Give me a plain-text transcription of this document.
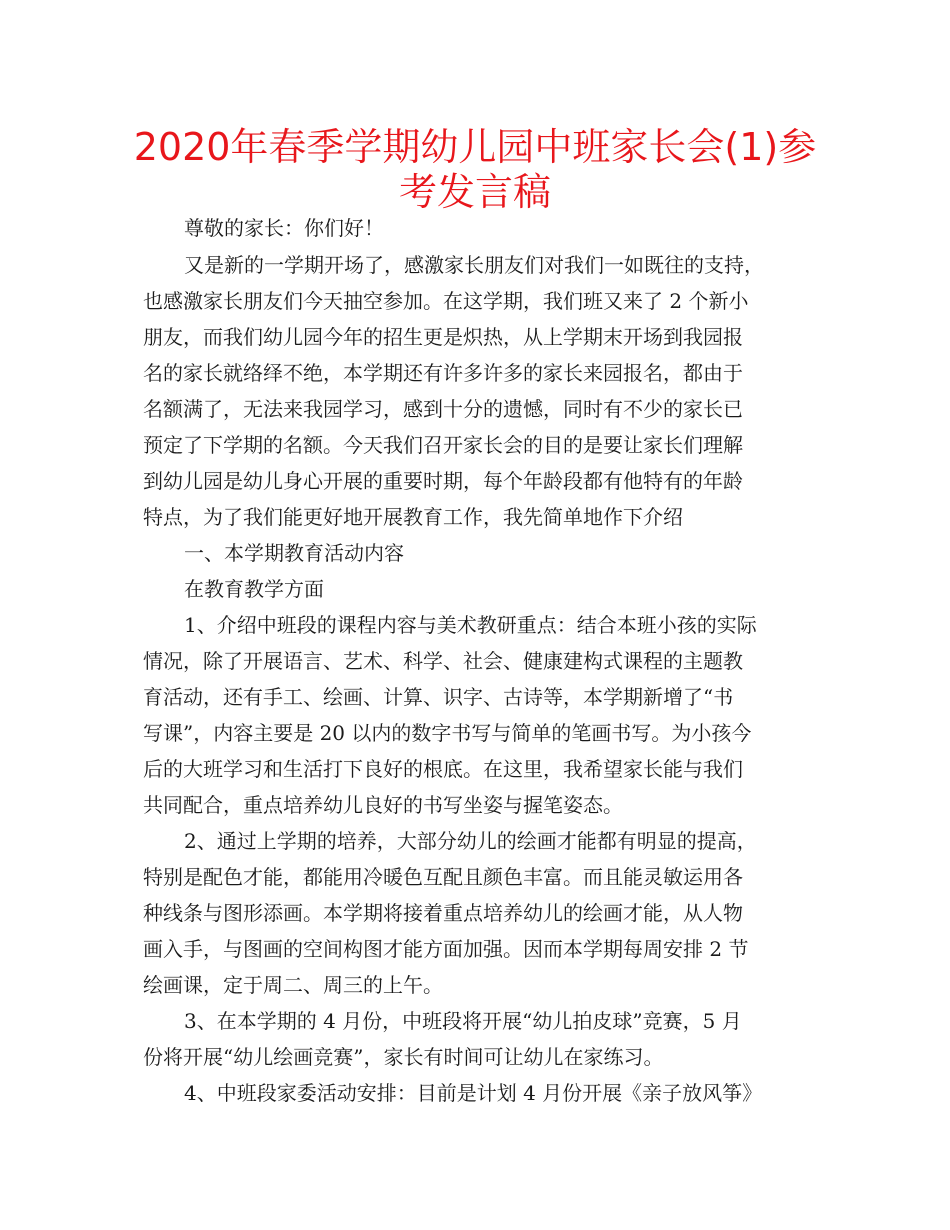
2020年春季学期幼儿园中班家长会(1)参
考发言稿

尊敬的家长：你们好！

又是新的一学期开场了，感激家长朋友们对我们一如既往的支持，

也感激家长朋友们今天抽空参加。在这学期，我们班又来了 2 个新小

朋友，而我们幼儿园今年的招生更是炽热，从上学期末开场到我园报

名的家长就络绎不绝，本学期还有许多许多的家长来园报名，都由于

名额满了，无法来我园学习，感到十分的遗憾，同时有不少的家长已

预定了下学期的名额。今天我们召开家长会的目的是要让家长们理解

到幼儿园是幼儿身心开展的重要时期，每个年龄段都有他特有的年龄

特点，为了我们能更好地开展教育工作，我先简单地作下介绍

一、本学期教育活动内容

在教育教学方面

1、介绍中班段的课程内容与美术教研重点：结合本班小孩的实际

情况，除了开展语言、艺术、科学、社会、健康建构式课程的主题教

育活动，还有手工、绘画、计算、识字、古诗等，本学期新增了“书

写课”，内容主要是 20 以内的数字书写与简单的笔画书写。为小孩今

后的大班学习和生活打下良好的根底。在这里，我希望家长能与我们

共同配合，重点培养幼儿良好的书写坐姿与握笔姿态。

2、通过上学期的培养，大部分幼儿的绘画才能都有明显的提高，

特别是配色才能，都能用冷暖色互配且颜色丰富。而且能灵敏运用各

种线条与图形添画。本学期将接着重点培养幼儿的绘画才能，从人物

画入手，与图画的空间构图才能方面加强。因而本学期每周安排 2 节

绘画课，定于周二、周三的上午。

3、在本学期的 4 月份，中班段将开展“幼儿拍皮球”竞赛，5 月

份将开展“幼儿绘画竞赛”，家长有时间可让幼儿在家练习。

4、中班段家委活动安排：目前是计划 4 月份开展《亲子放风筝》
